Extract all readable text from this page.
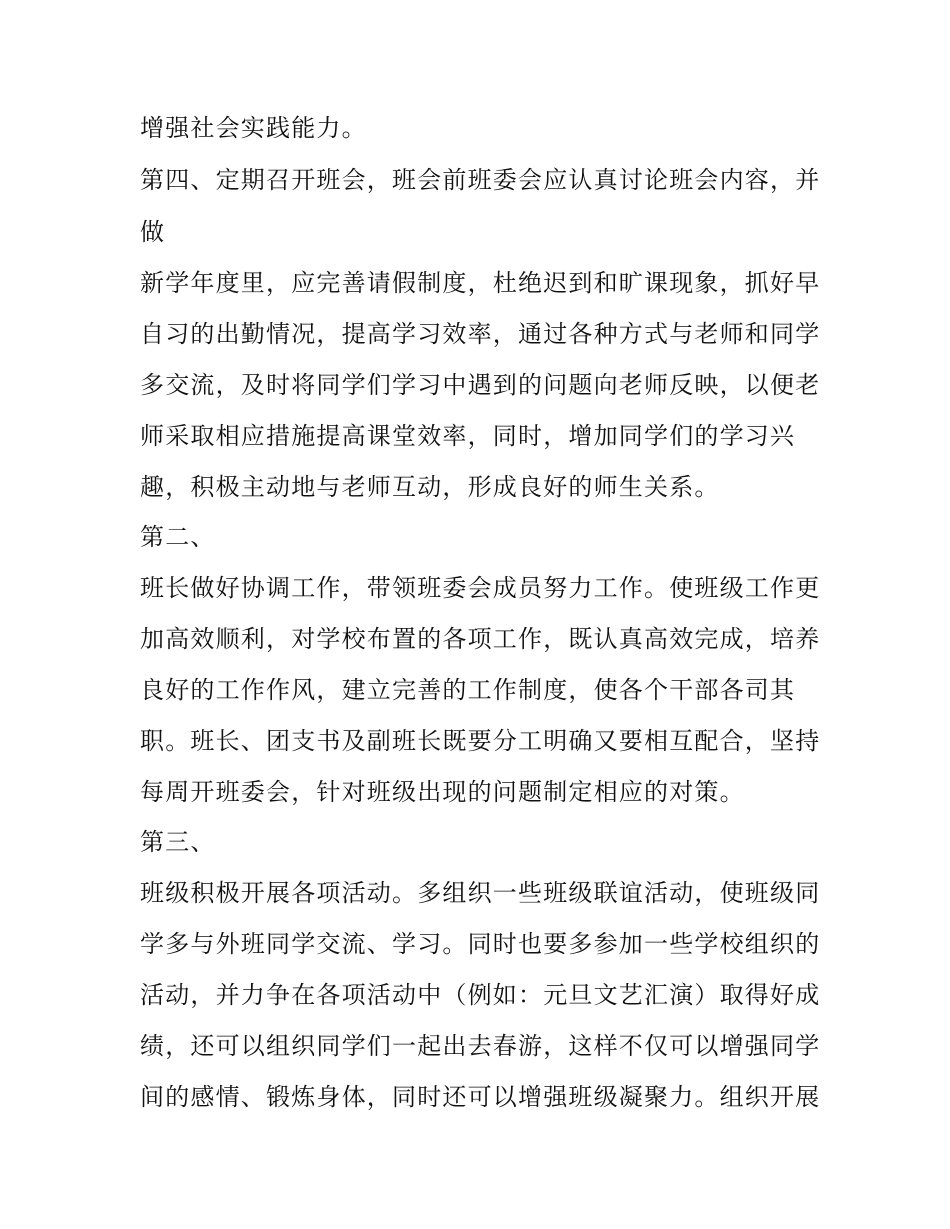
增强社会实践能力。
第四、定期召开班会，班会前班委会应认真讨论班会内容，并
做
新学年度里，应完善请假制度，杜绝迟到和旷课现象，抓好早
自习的出勤情况，提高学习效率，通过各种方式与老师和同学
多交流，及时将同学们学习中遇到的问题向老师反映，以便老
师采取相应措施提高课堂效率，同时，增加同学们的学习兴
趣，积极主动地与老师互动，形成良好的师生关系。
第二、
班长做好协调工作，带领班委会成员努力工作。使班级工作更
加高效顺利，对学校布置的各项工作，既认真高效完成，培养
良好的工作作风，建立完善的工作制度，使各个干部各司其
职。班长、团支书及副班长既要分工明确又要相互配合，坚持
每周开班委会，针对班级出现的问题制定相应的对策。
第三、
班级积极开展各项活动。多组织一些班级联谊活动，使班级同
学多与外班同学交流、学习。同时也要多参加一些学校组织的
活动，并力争在各项活动中（例如：元旦文艺汇演）取得好成
绩，还可以组织同学们一起出去春游，这样不仅可以增强同学
间的感情、锻炼身体，同时还可以增强班级凝聚力。组织开展
